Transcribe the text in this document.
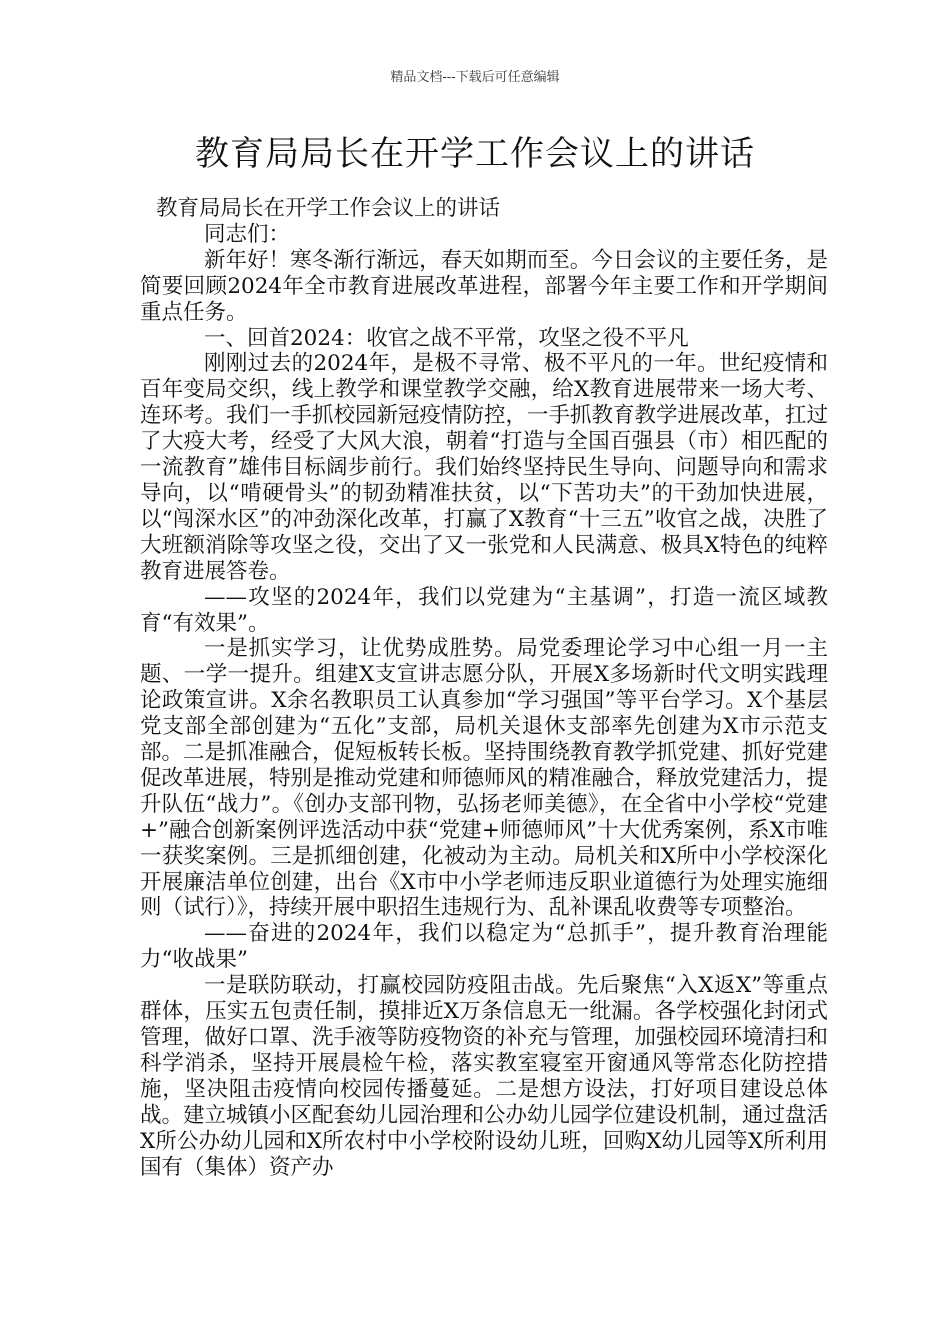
精品文档---下载后可任意编辑
教育局局长在开学工作会议上的讲话

教育局局长在开学工作会议上的讲话

同志们：

新年好！寒冬渐行渐远，春天如期而至。今日会议的主要任务，是简要回顾2024年全市教育进展改革进程，部署今年主要工作和开学期间重点任务。

一、回首2024：收官之战不平常，攻坚之役不平凡

刚刚过去的2024年，是极不寻常、极不平凡的一年。世纪疫情和百年变局交织，线上教学和课堂教学交融，给X教育进展带来一场大考、连环考。我们一手抓校园新冠疫情防控，一手抓教育教学进展改革，扛过了大疫大考，经受了大风大浪，朝着“打造与全国百强县（市）相匹配的一流教育”雄伟目标阔步前行。我们始终坚持民生导向、问题导向和需求导向，以“啃硬骨头”的韧劲精准扶贫，以“下苦功夫”的干劲加快进展，以“闯深水区”的冲劲深化改革，打赢了X教育“十三五”收官之战，决胜了大班额消除等攻坚之役，交出了又一张党和人民满意、极具X特色的纯粹教育进展答卷。

——攻坚的2024年，我们以党建为“主基调”，打造一流区域教育“有效果”。

一是抓实学习，让优势成胜势。局党委理论学习中心组一月一主题、一学一提升。组建X支宣讲志愿分队，开展X多场新时代文明实践理论政策宣讲。X余名教职员工认真参加“学习强国”等平台学习。X个基层党支部全部创建为“五化”支部，局机关退休支部率先创建为X市示范支部。二是抓准融合，促短板转长板。坚持围绕教育教学抓党建、抓好党建促改革进展，特别是推动党建和师德师风的精准融合，释放党建活力，提升队伍“战力”。《创办支部刊物，弘扬老师美德》，在全省中小学校“党建+”融合创新案例评选活动中获“党建+师德师风”十大优秀案例，系X市唯一获奖案例。三是抓细创建，化被动为主动。局机关和X所中小学校深化开展廉洁单位创建，出台《X市中小学老师违反职业道德行为处理实施细则（试行）》，持续开展中职招生违规行为、乱补课乱收费等专项整治。

——奋进的2024年，我们以稳定为“总抓手”，提升教育治理能力“收战果”

一是联防联动，打赢校园防疫阻击战。先后聚焦“入X返X”等重点群体，压实五包责任制，摸排近X万条信息无一纰漏。各学校强化封闭式管理，做好口罩、洗手液等防疫物资的补充与管理，加强校园环境清扫和科学消杀，坚持开展晨检午检，落实教室寝室开窗通风等常态化防控措施，坚决阻击疫情向校园传播蔓延。二是想方设法，打好项目建设总体战。建立城镇小区配套幼儿园治理和公办幼儿园学位建设机制，通过盘活X所公办幼儿园和X所农村中小学校附设幼儿班，回购X幼儿园等X所利用国有（集体）资产办
